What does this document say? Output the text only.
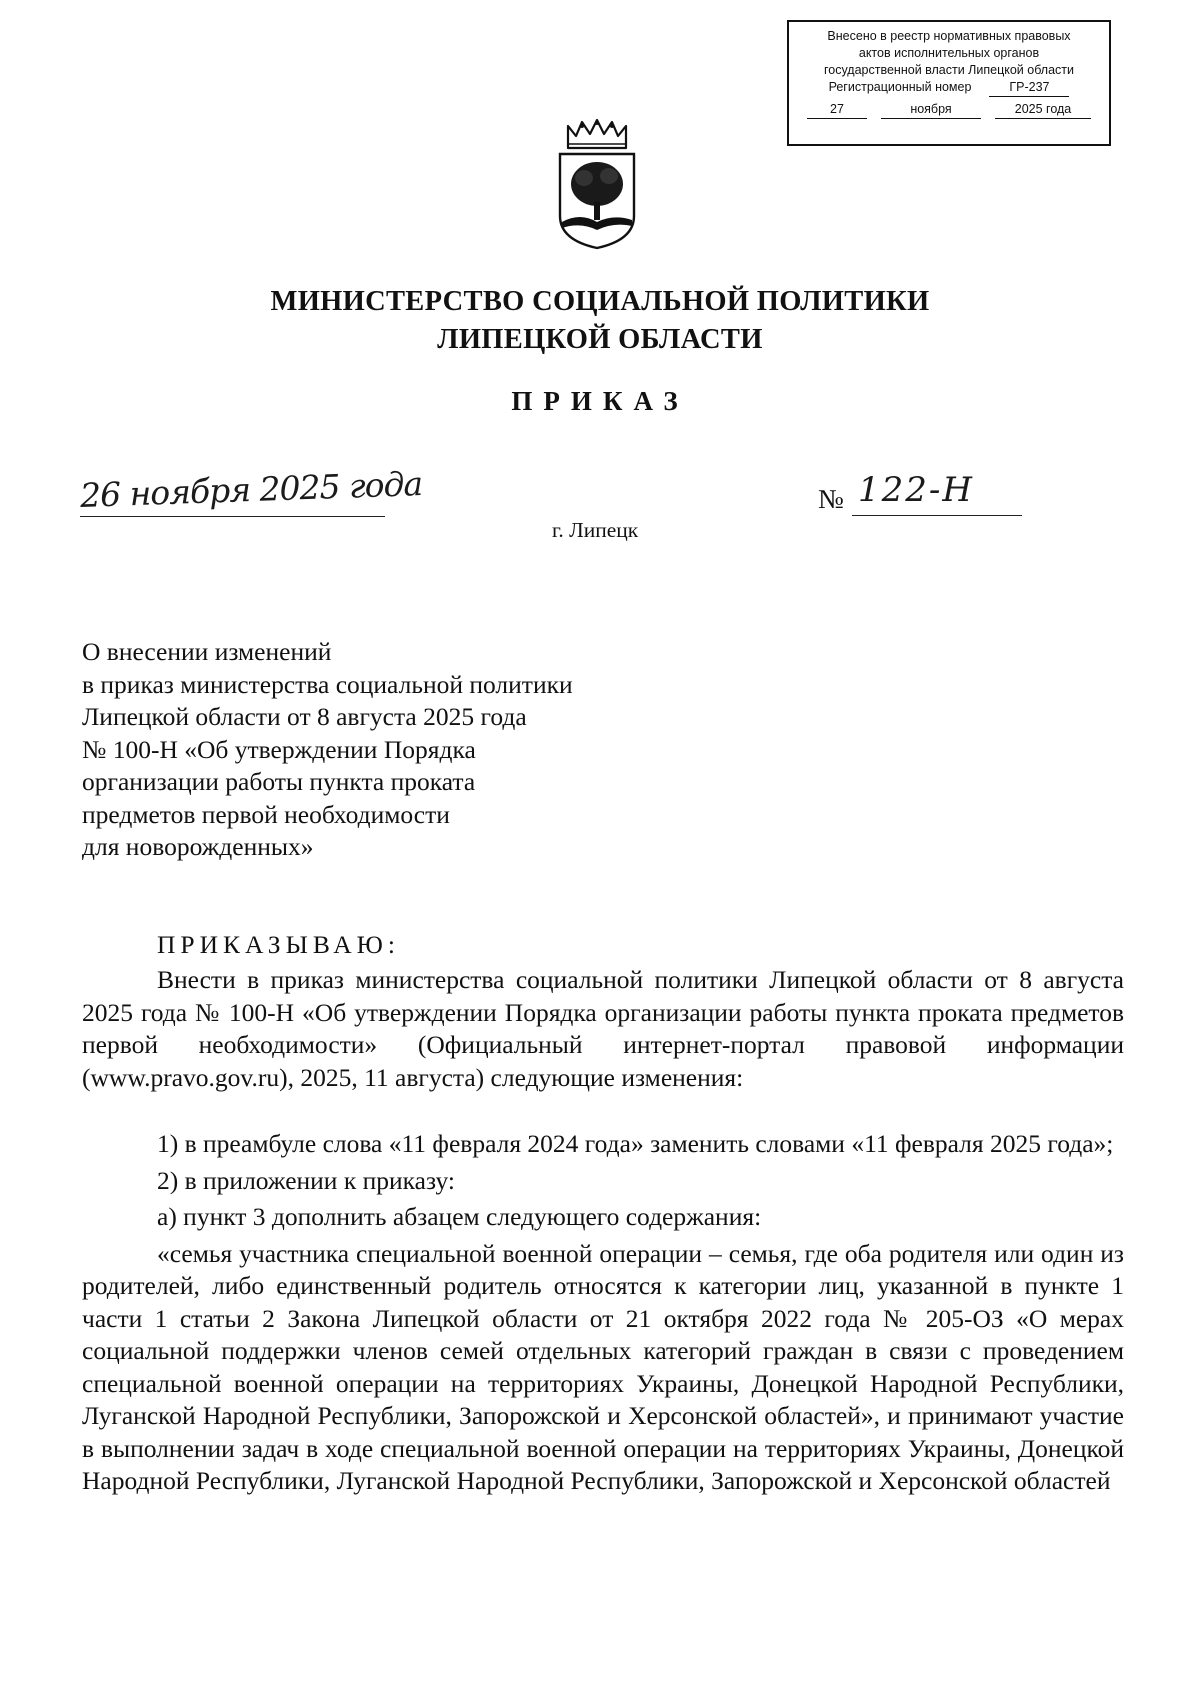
Внесено в реестр нормативных правовых
актов исполнительных органов
государственной власти Липецкой области
Регистрационный номер	ГР-237
27	ноября	2025 года
МИНИСТЕРСТВО СОЦИАЛЬНОЙ ПОЛИТИКИ
ЛИПЕЦКОЙ ОБЛАСТИ
ПРИКАЗ
26 ноября 2025 года	№ 122-Н
г. Липецк
О внесении изменений
в приказ министерства социальной политики
Липецкой области от 8 августа 2025 года
№ 100-Н «Об утверждении Порядка
организации работы пункта проката
предметов первой необходимости
для новорожденных»
ПРИКАЗЫВАЮ:

Внести в приказ министерства социальной политики Липецкой области от 8 августа 2025 года № 100-Н «Об утверждении Порядка организации работы пункта проката предметов первой необходимости» (Официальный интернет-портал правовой информации (www.pravo.gov.ru), 2025, 11 августа) следующие изменения:

1) в преамбуле слова «11 февраля 2024 года» заменить словами «11 февраля 2025 года»;

2) в приложении к приказу:

а) пункт 3 дополнить абзацем следующего содержания:

«семья участника специальной военной операции – семья, где оба родителя или один из родителей, либо единственный родитель относятся к категории лиц, указанной в пункте 1 части 1 статьи 2 Закона Липецкой области от 21 октября 2022 года № 205-ОЗ «О мерах социальной поддержки членов семей отдельных категорий граждан в связи с проведением специальной военной операции на территориях Украины, Донецкой Народной Республики, Луганской Народной Республики, Запорожской и Херсонской областей», и принимают участие в выполнении задач в ходе специальной военной операции на территориях Украины, Донецкой Народной Республики, Луганской Народной Республики, Запорожской и Херсонской областей
